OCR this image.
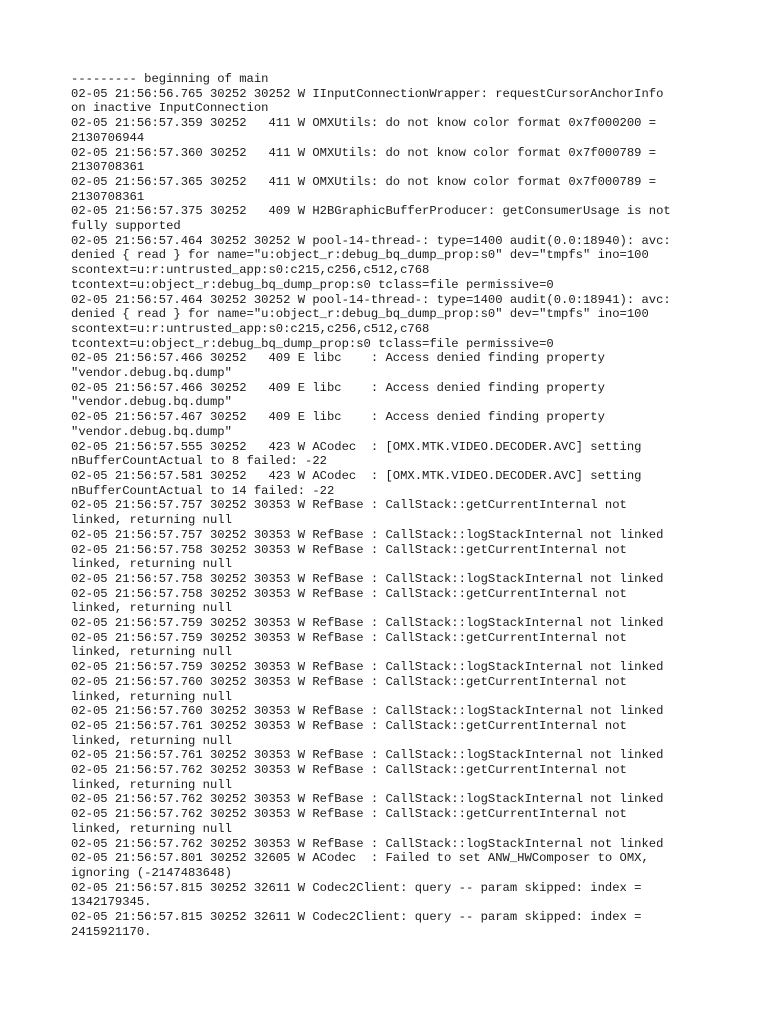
--------- beginning of main
02-05 21:56:56.765 30252 30252 W IInputConnectionWrapper: requestCursorAnchorInfo
on inactive InputConnection
02-05 21:56:57.359 30252   411 W OMXUtils: do not know color format 0x7f000200 =
2130706944
02-05 21:56:57.360 30252   411 W OMXUtils: do not know color format 0x7f000789 =
2130708361
02-05 21:56:57.365 30252   411 W OMXUtils: do not know color format 0x7f000789 =
2130708361
02-05 21:56:57.375 30252   409 W H2BGraphicBufferProducer: getConsumerUsage is not
fully supported
02-05 21:56:57.464 30252 30252 W pool-14-thread-: type=1400 audit(0.0:18940): avc:
denied { read } for name="u:object_r:debug_bq_dump_prop:s0" dev="tmpfs" ino=100
scontext=u:r:untrusted_app:s0:c215,c256,c512,c768
tcontext=u:object_r:debug_bq_dump_prop:s0 tclass=file permissive=0
02-05 21:56:57.464 30252 30252 W pool-14-thread-: type=1400 audit(0.0:18941): avc:
denied { read } for name="u:object_r:debug_bq_dump_prop:s0" dev="tmpfs" ino=100
scontext=u:r:untrusted_app:s0:c215,c256,c512,c768
tcontext=u:object_r:debug_bq_dump_prop:s0 tclass=file permissive=0
02-05 21:56:57.466 30252   409 E libc    : Access denied finding property
"vendor.debug.bq.dump"
02-05 21:56:57.466 30252   409 E libc    : Access denied finding property
"vendor.debug.bq.dump"
02-05 21:56:57.467 30252   409 E libc    : Access denied finding property
"vendor.debug.bq.dump"
02-05 21:56:57.555 30252   423 W ACodec  : [OMX.MTK.VIDEO.DECODER.AVC] setting
nBufferCountActual to 8 failed: -22
02-05 21:56:57.581 30252   423 W ACodec  : [OMX.MTK.VIDEO.DECODER.AVC] setting
nBufferCountActual to 14 failed: -22
02-05 21:56:57.757 30252 30353 W RefBase : CallStack::getCurrentInternal not
linked, returning null
02-05 21:56:57.757 30252 30353 W RefBase : CallStack::logStackInternal not linked
02-05 21:56:57.758 30252 30353 W RefBase : CallStack::getCurrentInternal not
linked, returning null
02-05 21:56:57.758 30252 30353 W RefBase : CallStack::logStackInternal not linked
02-05 21:56:57.758 30252 30353 W RefBase : CallStack::getCurrentInternal not
linked, returning null
02-05 21:56:57.759 30252 30353 W RefBase : CallStack::logStackInternal not linked
02-05 21:56:57.759 30252 30353 W RefBase : CallStack::getCurrentInternal not
linked, returning null
02-05 21:56:57.759 30252 30353 W RefBase : CallStack::logStackInternal not linked
02-05 21:56:57.760 30252 30353 W RefBase : CallStack::getCurrentInternal not
linked, returning null
02-05 21:56:57.760 30252 30353 W RefBase : CallStack::logStackInternal not linked
02-05 21:56:57.761 30252 30353 W RefBase : CallStack::getCurrentInternal not
linked, returning null
02-05 21:56:57.761 30252 30353 W RefBase : CallStack::logStackInternal not linked
02-05 21:56:57.762 30252 30353 W RefBase : CallStack::getCurrentInternal not
linked, returning null
02-05 21:56:57.762 30252 30353 W RefBase : CallStack::logStackInternal not linked
02-05 21:56:57.762 30252 30353 W RefBase : CallStack::getCurrentInternal not
linked, returning null
02-05 21:56:57.762 30252 30353 W RefBase : CallStack::logStackInternal not linked
02-05 21:56:57.801 30252 32605 W ACodec  : Failed to set ANW_HWComposer to OMX,
ignoring (-2147483648)
02-05 21:56:57.815 30252 32611 W Codec2Client: query -- param skipped: index =
1342179345.
02-05 21:56:57.815 30252 32611 W Codec2Client: query -- param skipped: index =
2415921170.
